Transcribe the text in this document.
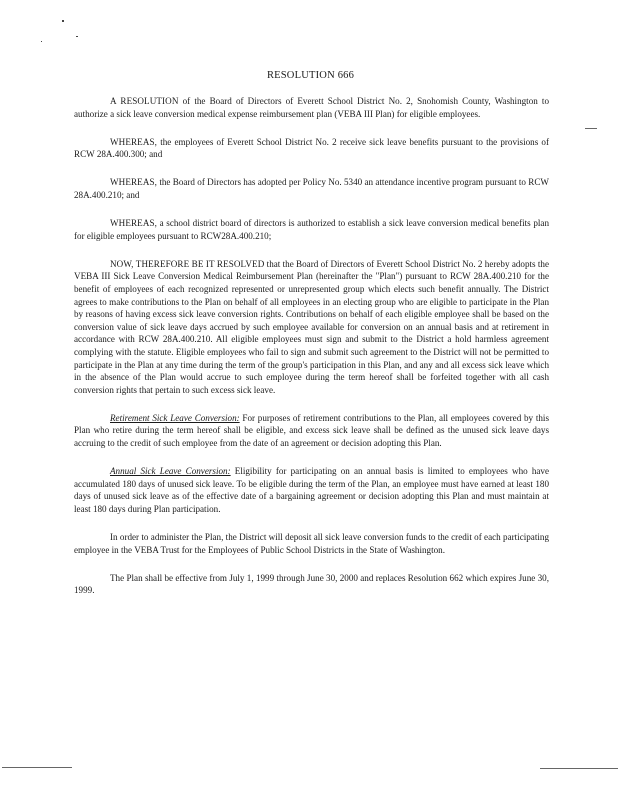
RESOLUTION 666

A RESOLUTION of the Board of Directors of Everett School District No. 2, Snohomish County, Washington to authorize a sick leave conversion medical expense reimbursement plan (VEBA III Plan) for eligible employees.

WHEREAS, the employees of Everett School District No. 2 receive sick leave benefits pursuant to the provisions of RCW 28A.400.300; and

WHEREAS, the Board of Directors has adopted per Policy No. 5340 an attendance incentive program pursuant to RCW 28A.400.210; and

WHEREAS, a school district board of directors is authorized to establish a sick leave conversion medical benefits plan for eligible employees pursuant to RCW28A.400.210;

NOW, THEREFORE BE IT RESOLVED that the Board of Directors of Everett School District No. 2 hereby adopts the VEBA III Sick Leave Conversion Medical Reimbursement Plan (hereinafter the "Plan") pursuant to RCW 28A.400.210 for the benefit of employees of each recognized represented or unrepresented group which elects such benefit annually. The District agrees to make contributions to the Plan on behalf of all employees in an electing group who are eligible to participate in the Plan by reasons of having excess sick leave conversion rights. Contributions on behalf of each eligible employee shall be based on the conversion value of sick leave days accrued by such employee available for conversion on an annual basis and at retirement in accordance with RCW 28A.400.210. All eligible employees must sign and submit to the District a hold harmless agreement complying with the statute. Eligible employees who fail to sign and submit such agreement to the District will not be permitted to participate in the Plan at any time during the term of the group's participation in this Plan, and any and all excess sick leave which in the absence of the Plan would accrue to such employee during the term hereof shall be forfeited together with all cash conversion rights that pertain to such excess sick leave.

Retirement Sick Leave Conversion: For purposes of retirement contributions to the Plan, all employees covered by this Plan who retire during the term hereof shall be eligible, and excess sick leave shall be defined as the unused sick leave days accruing to the credit of such employee from the date of an agreement or decision adopting this Plan.

Annual Sick Leave Conversion: Eligibility for participating on an annual basis is limited to employees who have accumulated 180 days of unused sick leave. To be eligible during the term of the Plan, an employee must have earned at least 180 days of unused sick leave as of the effective date of a bargaining agreement or decision adopting this Plan and must maintain at least 180 days during Plan participation.

In order to administer the Plan, the District will deposit all sick leave conversion funds to the credit of each participating employee in the VEBA Trust for the Employees of Public School Districts in the State of Washington.

The Plan shall be effective from July 1, 1999 through June 30, 2000 and replaces Resolution 662 which expires June 30, 1999.
